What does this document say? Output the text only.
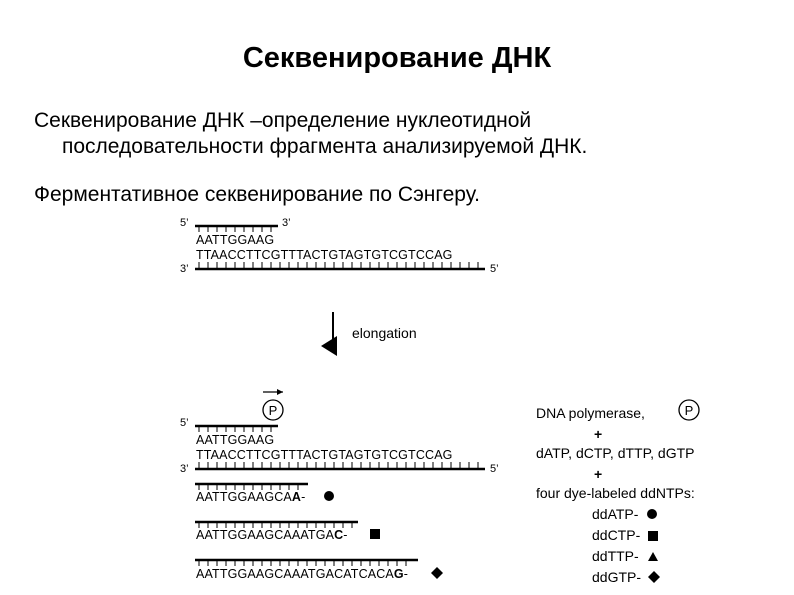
Секвенирование ДНК
Секвенирование ДНК –определение нуклеотидной
последовательности фрагмента анализируемой ДНК.
Ферментативное секвенирование по Сэнгеру.
5’	3’
AATTGGAAG
TTAACCTTCGTTTACTGTAGTGTCGTCCAG
3’	5’
elongation
P
5’
AATTGGAAG
TTAACCTTCGTTTACTGTAGTGTCGTCCAG
3’	5’
AATTGGAAGCAA-
AATTGGAAGCAAATGAC-
AATTGGAAGCAAATGACATCACAG-
DNA polymerase,	P
+
dATP, dCTP, dTTP, dGTP
+
four dye-labeled ddNTPs:
ddATP-
ddCTP-
ddTTP-
ddGTP-
